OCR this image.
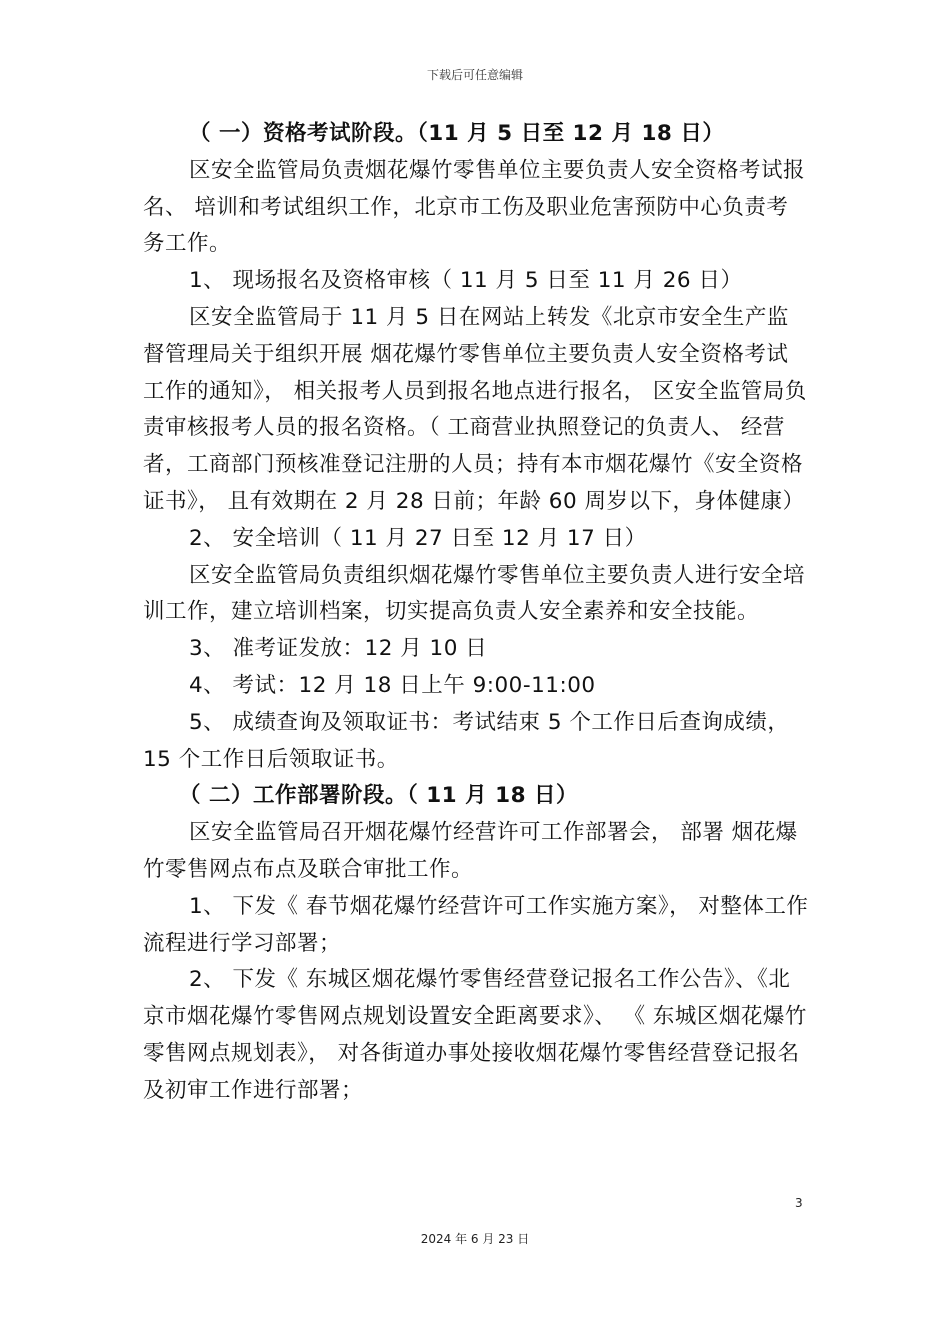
下载后可任意编辑

（ 一）资格考试阶段。（11 月 5 日至 12 月 18 日）

区安全监管局负责烟花爆竹零售单位主要负责人安全资格考试报名、 培训和考试组织工作，北京市工伤及职业危害预防中心负责考务工作。

1、 现场报名及资格审核（ 11 月 5 日至 11 月 26 日）

区安全监管局于 11 月 5 日在网站上转发《北京市安全生产监督管理局关于组织开展 烟花爆竹零售单位主要负责人安全资格考试工作的通知》， 相关报考人员到报名地点进行报名， 区安全监管局负责审核报考人员的报名资格。（ 工商营业执照登记的负责人、 经营者，工商部门预核准登记注册的人员；持有本市烟花爆竹《安全资格证书》， 且有效期在 2 月 28 日前；年龄 60 周岁以下，身体健康）

2、 安全培训（ 11 月 27 日至 12 月 17 日）

区安全监管局负责组织烟花爆竹零售单位主要负责人进行安全培训工作，建立培训档案，切实提高负责人安全素养和安全技能。

3、 准考证发放：12 月 10 日

4、 考试：12 月 18 日上午 9:00-11:00

5、 成绩查询及领取证书：考试结束 5 个工作日后查询成绩，15 个工作日后领取证书。

（ 二）工作部署阶段。（ 11 月 18 日）

区安全监管局召开烟花爆竹经营许可工作部署会， 部署 烟花爆竹零售网点布点及联合审批工作。

1、 下发《 春节烟花爆竹经营许可工作实施方案》， 对整体工作流程进行学习部署；

2、 下发《 东城区烟花爆竹零售经营登记报名工作公告》、《北京市烟花爆竹零售网点规划设置安全距离要求》、 《 东城区烟花爆竹零售网点规划表》， 对各街道办事处接收烟花爆竹零售经营登记报名及初审工作进行部署；

3
2024 年 6 月 23 日
